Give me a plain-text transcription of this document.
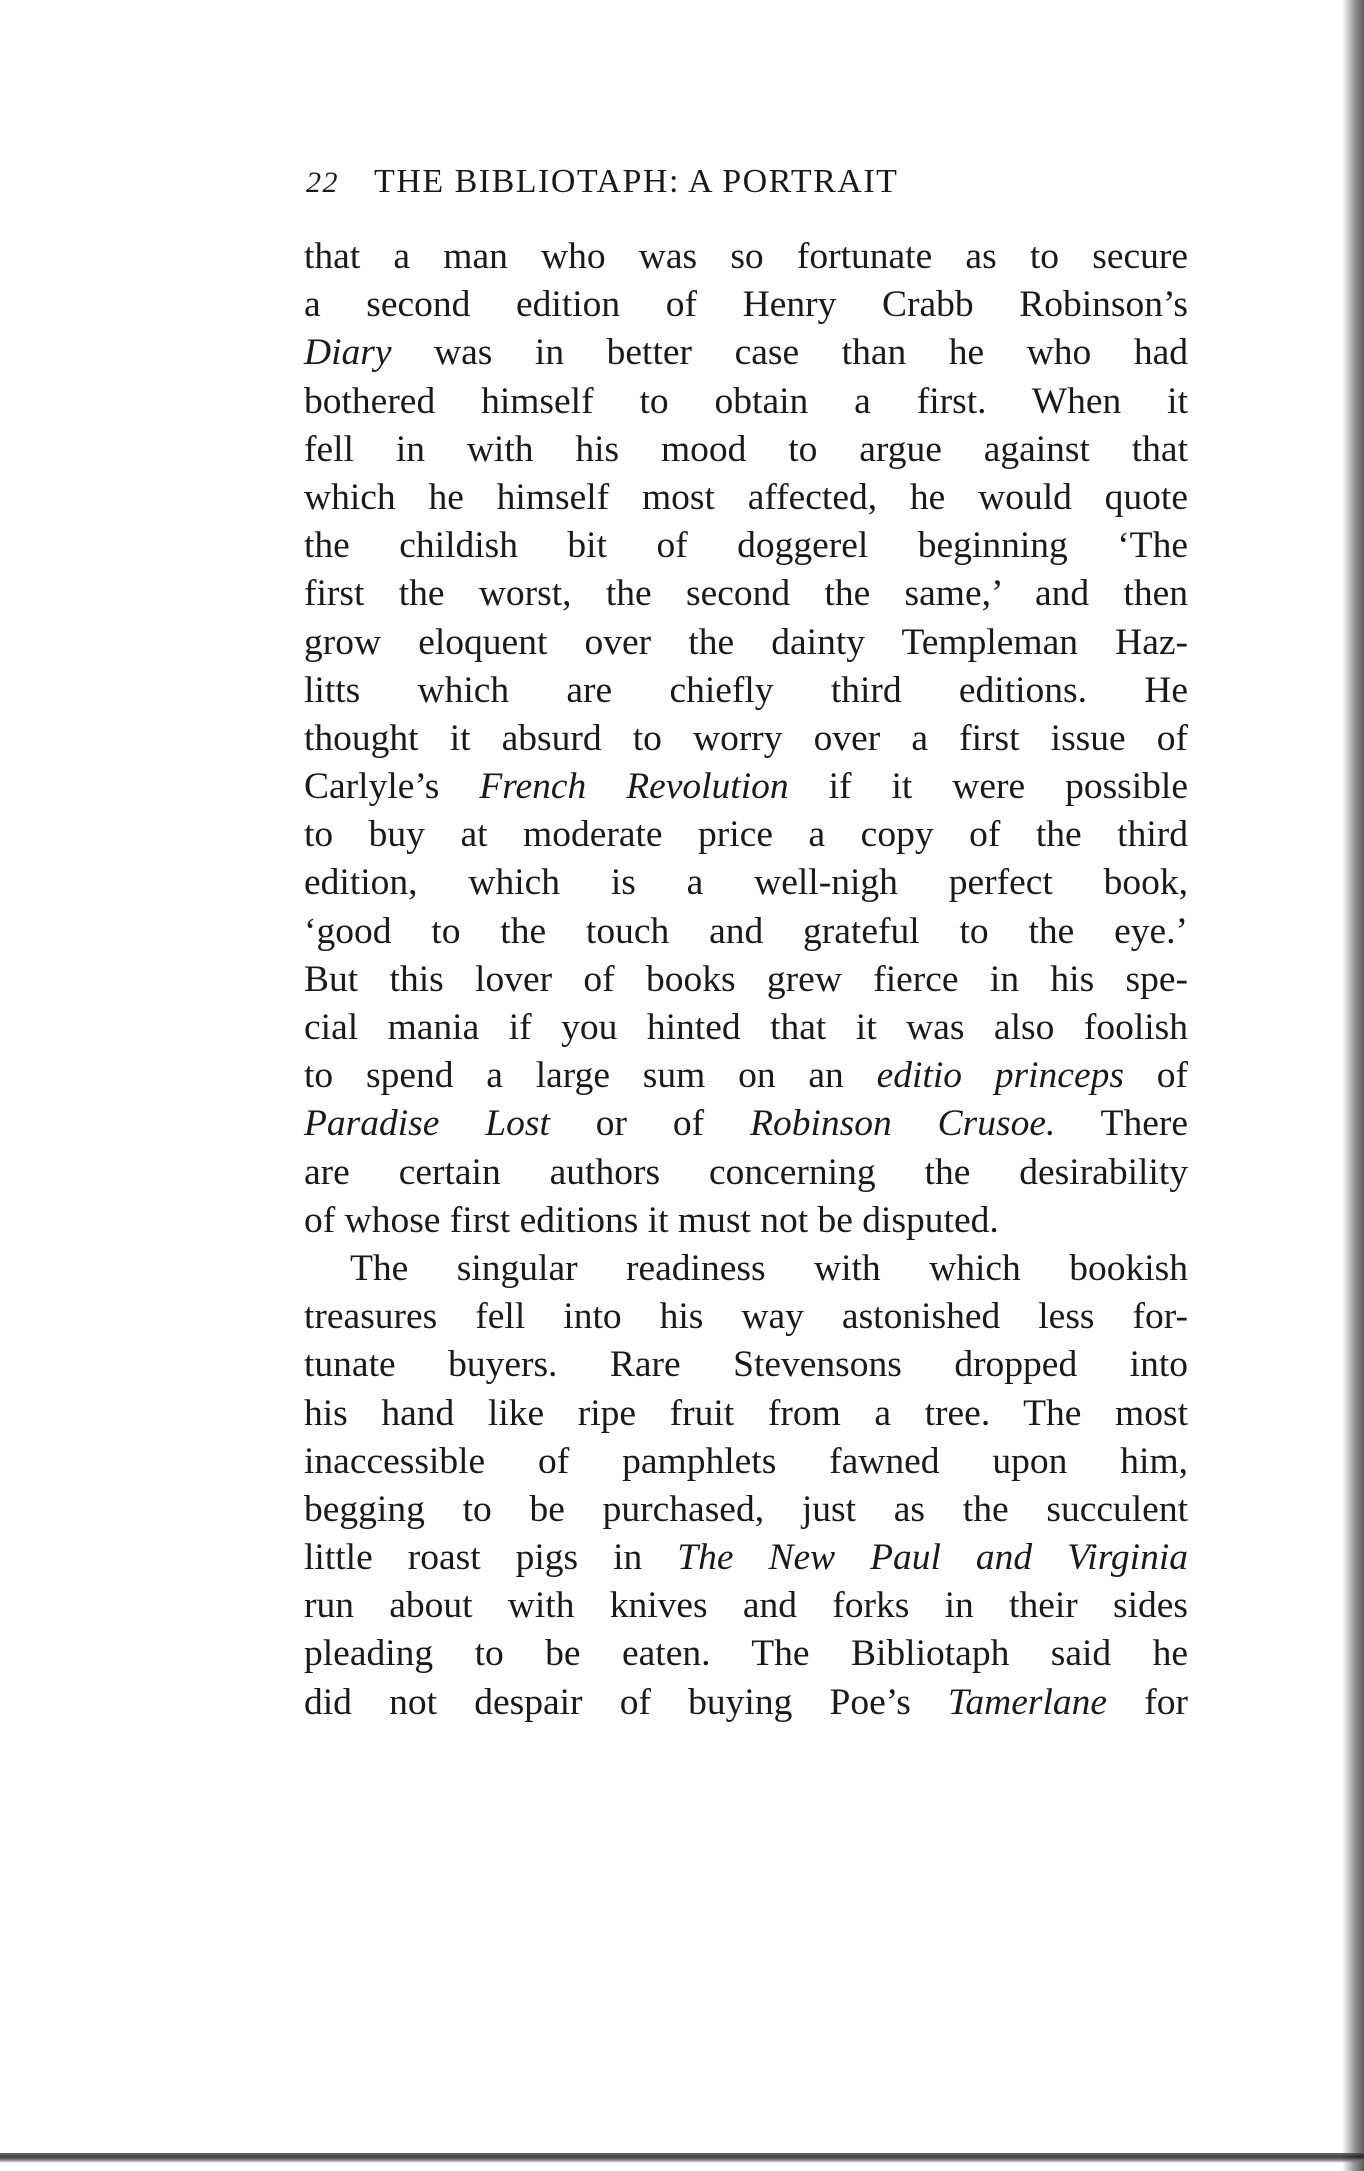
22 THE BIBLIOTAPH: A PORTRAIT
that a man who was so fortunate as to secure
a second edition of Henry Crabb Robinson’s
Diary was in better case than he who had
bothered himself to obtain a first. When it
fell in with his mood to argue against that
which he himself most affected, he would quote
the childish bit of doggerel beginning ‘The
first the worst, the second the same,’ and then
grow eloquent over the dainty Templeman Haz-
litts which are chiefly third editions. He
thought it absurd to worry over a first issue of
Carlyle’s French Revolution if it were possible
to buy at moderate price a copy of the third
edition, which is a well-nigh perfect book,
‘good to the touch and grateful to the eye.’
But this lover of books grew fierce in his spe-
cial mania if you hinted that it was also foolish
to spend a large sum on an editio princeps of
Paradise Lost or of Robinson Crusoe. There
are certain authors concerning the desirability
of whose first editions it must not be disputed.
The singular readiness with which bookish
treasures fell into his way astonished less for-
tunate buyers. Rare Stevensons dropped into
his hand like ripe fruit from a tree. The most
inaccessible of pamphlets fawned upon him,
begging to be purchased, just as the succulent
little roast pigs in The New Paul and Virginia
run about with knives and forks in their sides
pleading to be eaten. The Bibliotaph said he
did not despair of buying Poe’s Tamerlane for
